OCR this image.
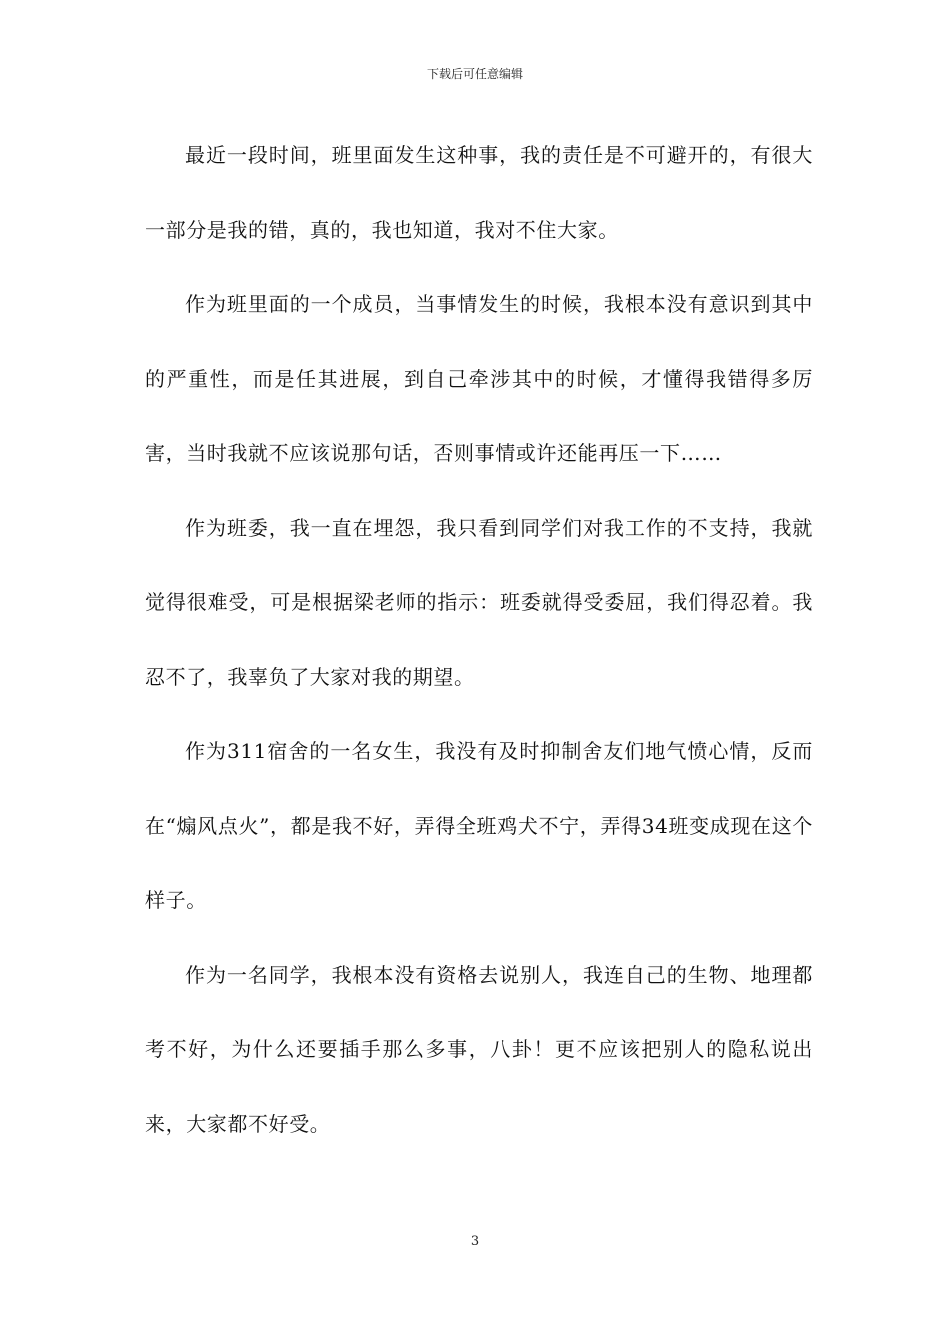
下载后可任意编辑

最近一段时间，班里面发生这种事，我的责任是不可避开的，有很大一部分是我的错，真的，我也知道，我对不住大家。

作为班里面的一个成员，当事情发生的时候，我根本没有意识到其中的严重性，而是任其进展，到自己牵涉其中的时候，才懂得我错得多厉害，当时我就不应该说那句话，否则事情或许还能再压一下……

作为班委，我一直在埋怨，我只看到同学们对我工作的不支持，我就觉得很难受，可是根据梁老师的指示：班委就得受委屈，我们得忍着。我忍不了，我辜负了大家对我的期望。

作为311宿舍的一名女生，我没有及时抑制舍友们地气愤心情，反而在“煽风点火”，都是我不好，弄得全班鸡犬不宁，弄得34班变成现在这个样子。

作为一名同学，我根本没有资格去说别人，我连自己的生物、地理都考不好，为什么还要插手那么多事，八卦！更不应该把别人的隐私说出来，大家都不好受。

3
